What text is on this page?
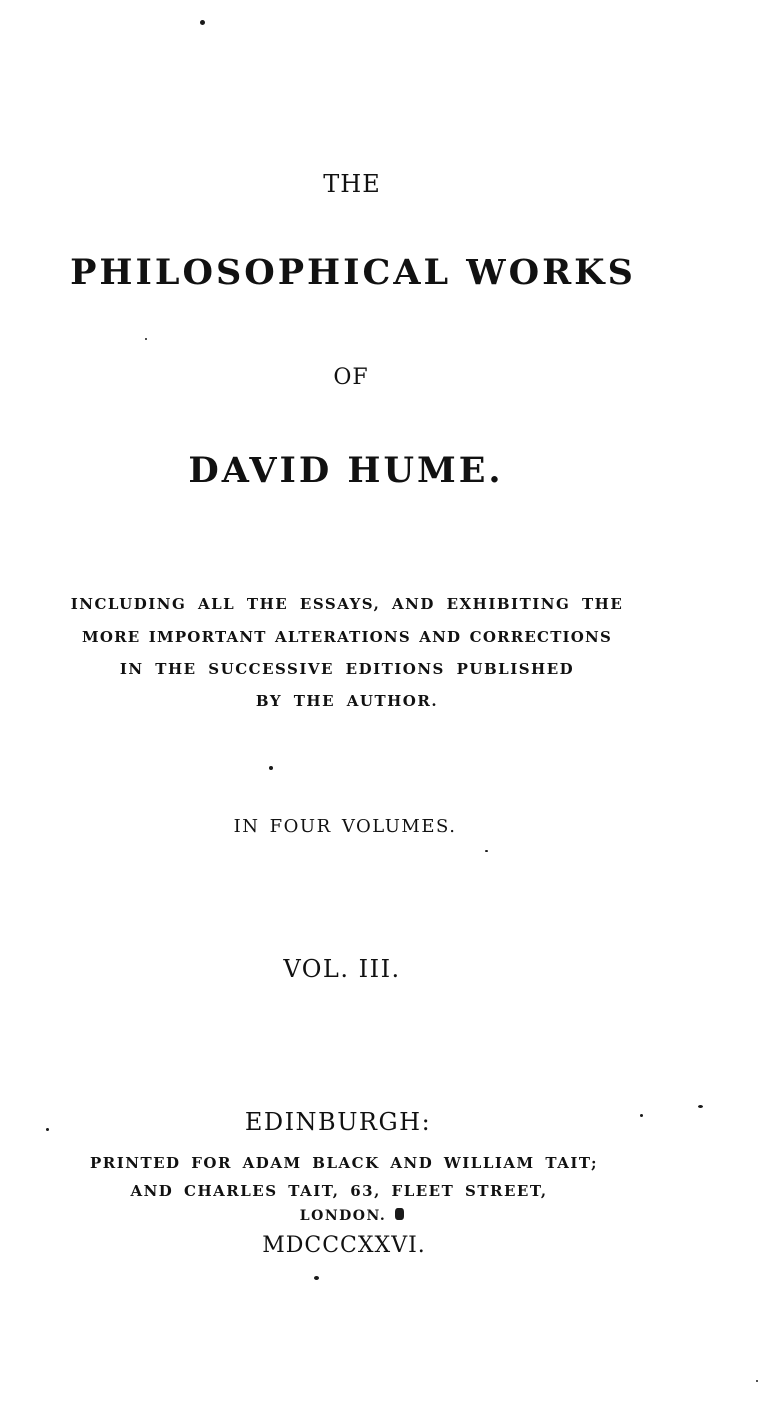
THE
PHILOSOPHICAL WORKS
OF
DAVID HUME.
INCLUDING ALL THE ESSAYS, AND EXHIBITING THE
MORE IMPORTANT ALTERATIONS AND CORRECTIONS
IN THE SUCCESSIVE EDITIONS PUBLISHED
BY THE AUTHOR.
IN FOUR VOLUMES.
VOL. III.
EDINBURGH:
PRINTED FOR ADAM BLACK AND WILLIAM TAIT;
AND CHARLES TAIT, 63, FLEET STREET,
LONDON.
MDCCCXXVI.
